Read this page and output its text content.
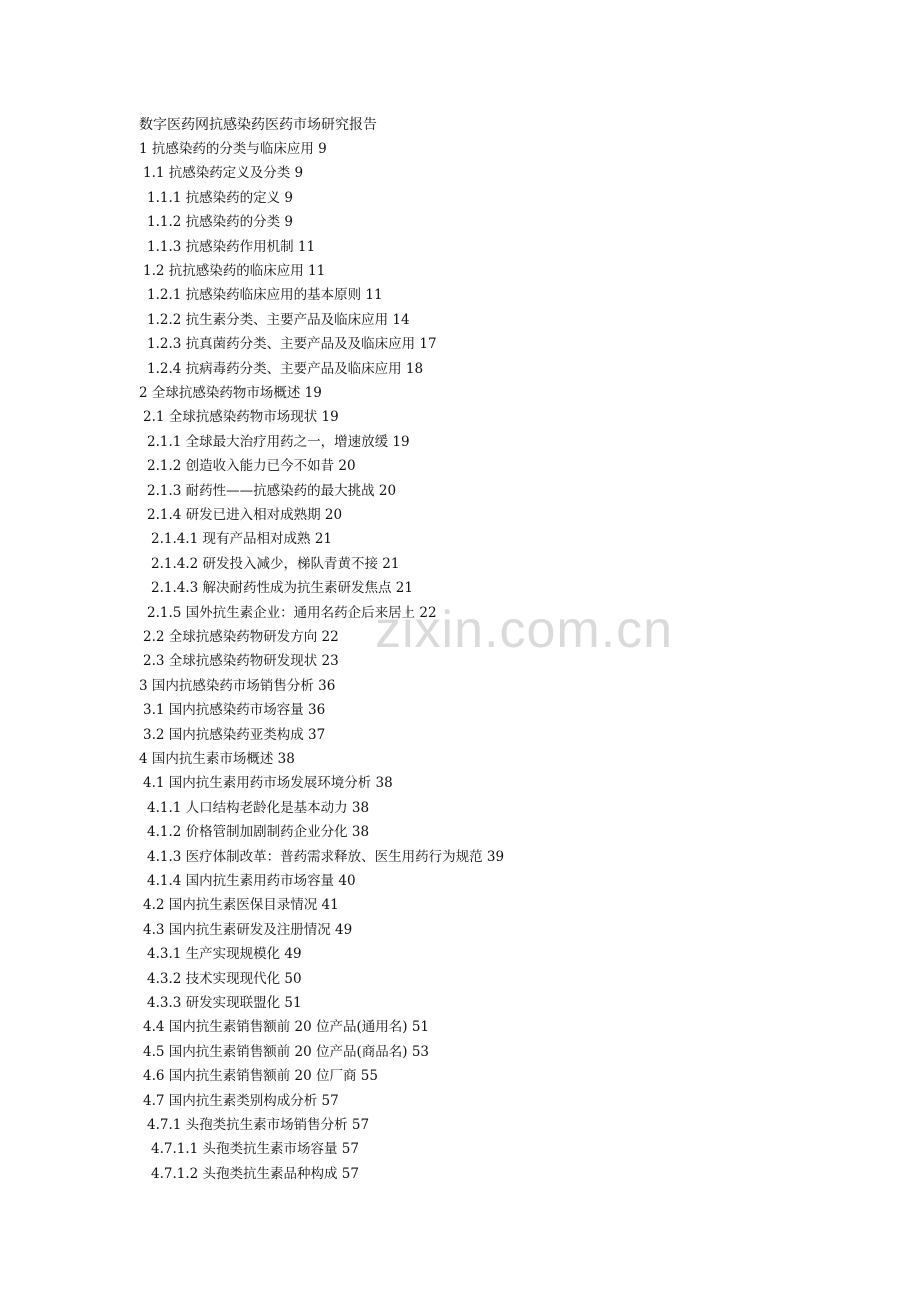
zixin.com.cn
数字医药网抗感染药医药市场研究报告
1 抗感染药的分类与临床应用 9
1.1 抗感染药定义及分类 9
1.1.1 抗感染药的定义 9
1.1.2 抗感染药的分类 9
1.1.3 抗感染药作用机制 11
1.2 抗抗感染药的临床应用 11
1.2.1 抗感染药临床应用的基本原则 11
1.2.2 抗生素分类、主要产品及临床应用 14
1.2.3 抗真菌药分类、主要产品及及临床应用 17
1.2.4 抗病毒药分类、主要产品及临床应用 18
2 全球抗感染药物市场概述 19
2.1 全球抗感染药物市场现状 19
2.1.1 全球最大治疗用药之一，增速放缓 19
2.1.2 创造收入能力已今不如昔 20
2.1.3 耐药性——抗感染药的最大挑战 20
2.1.4 研发已进入相对成熟期 20
2.1.4.1 现有产品相对成熟 21
2.1.4.2 研发投入减少，梯队青黄不接 21
2.1.4.3 解决耐药性成为抗生素研发焦点 21
2.1.5 国外抗生素企业：通用名药企后来居上 22
2.2 全球抗感染药物研发方向 22
2.3 全球抗感染药物研发现状 23
3 国内抗感染药市场销售分析 36
3.1 国内抗感染药市场容量 36
3.2 国内抗感染药亚类构成 37
4 国内抗生素市场概述 38
4.1 国内抗生素用药市场发展环境分析 38
4.1.1 人口结构老龄化是基本动力 38
4.1.2 价格管制加剧制药企业分化 38
4.1.3 医疗体制改革：普药需求释放、医生用药行为规范 39
4.1.4 国内抗生素用药市场容量 40
4.2 国内抗生素医保目录情况 41
4.3 国内抗生素研发及注册情况 49
4.3.1 生产实现规模化 49
4.3.2 技术实现现代化 50
4.3.3 研发实现联盟化 51
4.4 国内抗生素销售额前 20 位产品(通用名) 51
4.5 国内抗生素销售额前 20 位产品(商品名) 53
4.6 国内抗生素销售额前 20 位厂商 55
4.7 国内抗生素类别构成分析 57
4.7.1 头孢类抗生素市场销售分析 57
4.7.1.1 头孢类抗生素市场容量 57
4.7.1.2 头孢类抗生素品种构成 57
